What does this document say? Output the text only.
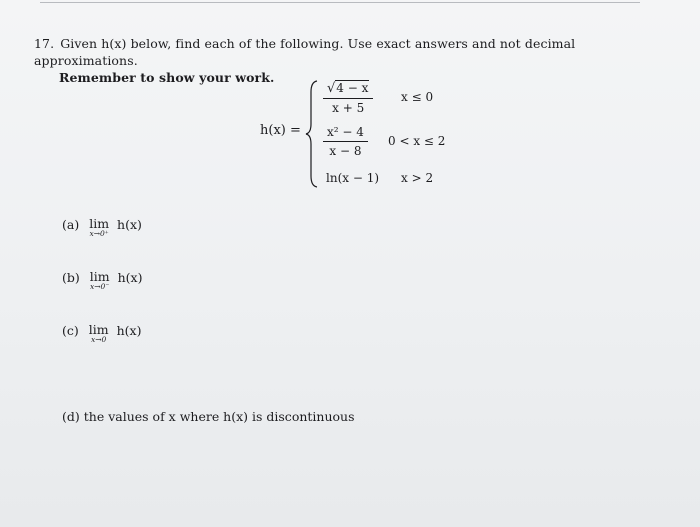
17. Given h(x) below, find each of the following. Use exact answers and not decimal approximations.
Remember to show your work.
h(x) =
$\frac{√4 - x}{x + 5}$ x ≤ 0
$\frac{\text{x² − 4}}{x - 8} 0 < x \le 2$
ln(x − 1) x > 2
(a) lim
x→0⁺
h(x)
(b) lim
x→0⁻
h(x)
(c) lim
x→0
h(x)
(d) the values of x where h(x) is discontinuous
